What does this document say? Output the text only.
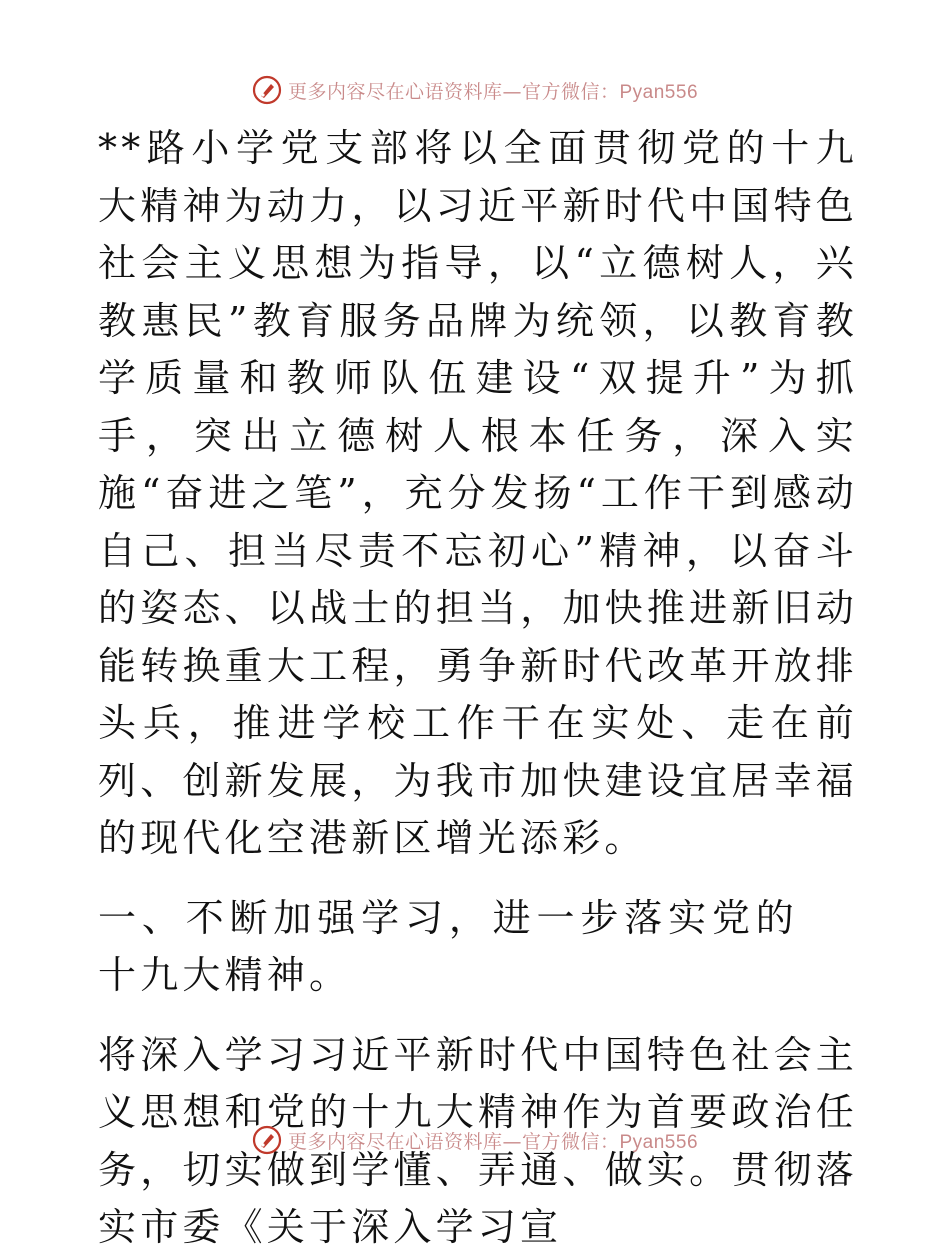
更多内容尽在心语资料库—官方微信：Pyan556

**路小学党支部将以全面贯彻党的十九大精神为动力，以习近平新时代中国特色社会主义思想为指导，以“立德树人，兴教惠民”教育服务品牌为统领，以教育教学质量和教师队伍建设“双提升”为抓手，突出立德树人根本任务，深入实施“奋进之笔”，充分发扬“工作干到感动自己、担当尽责不忘初心”精神，以奋斗的姿态、以战士的担当，加快推进新旧动能转换重大工程，勇争新时代改革开放排头兵，推进学校工作干在实处、走在前列、创新发展，为我市加快建设宜居幸福的现代化空港新区增光添彩。

一、不断加强学习，进一步落实党的十九大精神。

将深入学习习近平新时代中国特色社会主义思想和党的十九大精神作为首要政治任务，切实做到学懂、弄通、做实。贯彻落实市委《关于深入学习宣

更多内容尽在心语资料库—官方微信：Pyan556
